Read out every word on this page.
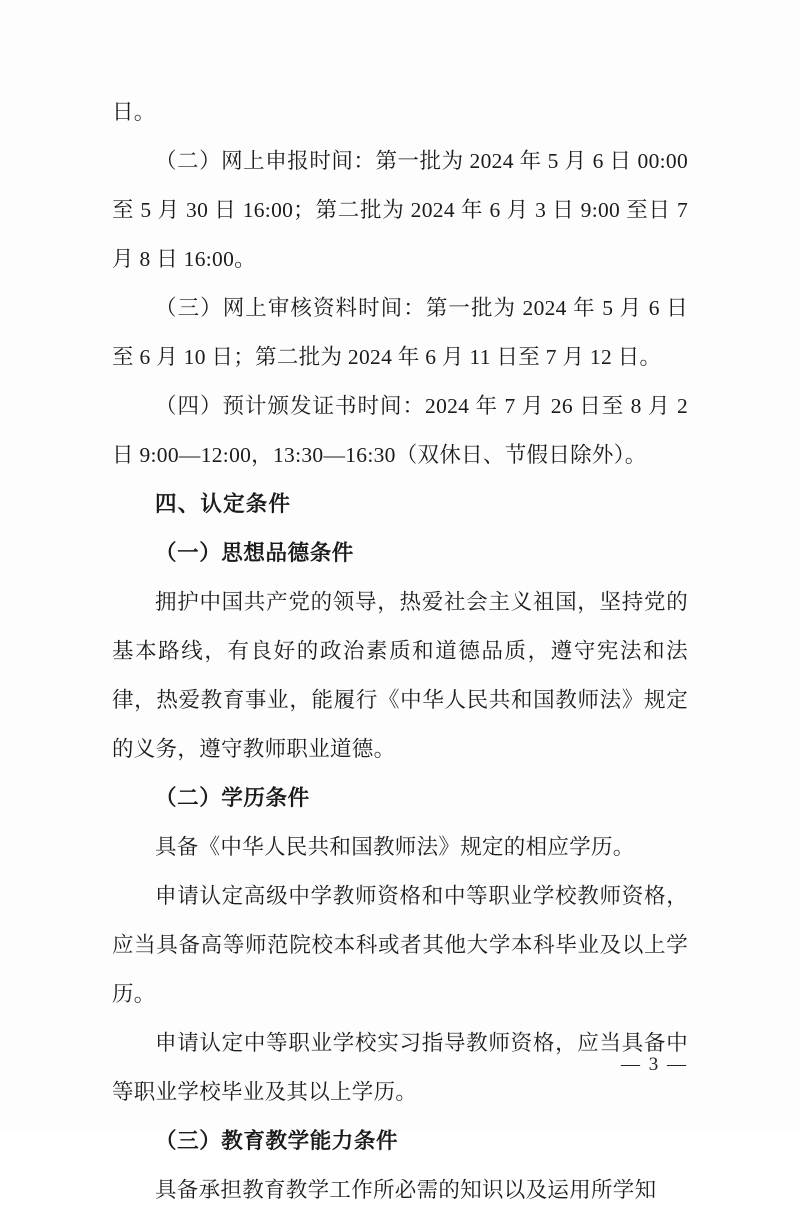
日。

（二）网上申报时间：第一批为 2024 年 5 月 6 日 00:00 至 5 月 30 日 16:00；第二批为 2024 年 6 月 3 日 9:00 至日 7 月 8 日 16:00。

（三）网上审核资料时间：第一批为 2024 年 5 月 6 日至 6 月 10 日；第二批为 2024 年 6 月 11 日至 7 月 12 日。

（四）预计颁发证书时间：2024 年 7 月 26 日至 8 月 2 日 9:00—12:00，13:30—16:30（双休日、节假日除外）。

四、认定条件

（一）思想品德条件

拥护中国共产党的领导，热爱社会主义祖国，坚持党的基本路线，有良好的政治素质和道德品质，遵守宪法和法律，热爱教育事业，能履行《中华人民共和国教师法》规定的义务，遵守教师职业道德。

（二）学历条件

具备《中华人民共和国教师法》规定的相应学历。

申请认定高级中学教师资格和中等职业学校教师资格，应当具备高等师范院校本科或者其他大学本科毕业及以上学历。

申请认定中等职业学校实习指导教师资格，应当具备中等职业学校毕业及其以上学历。

（三）教育教学能力条件

具备承担教育教学工作所必需的知识以及运用所学知

— 3 —
